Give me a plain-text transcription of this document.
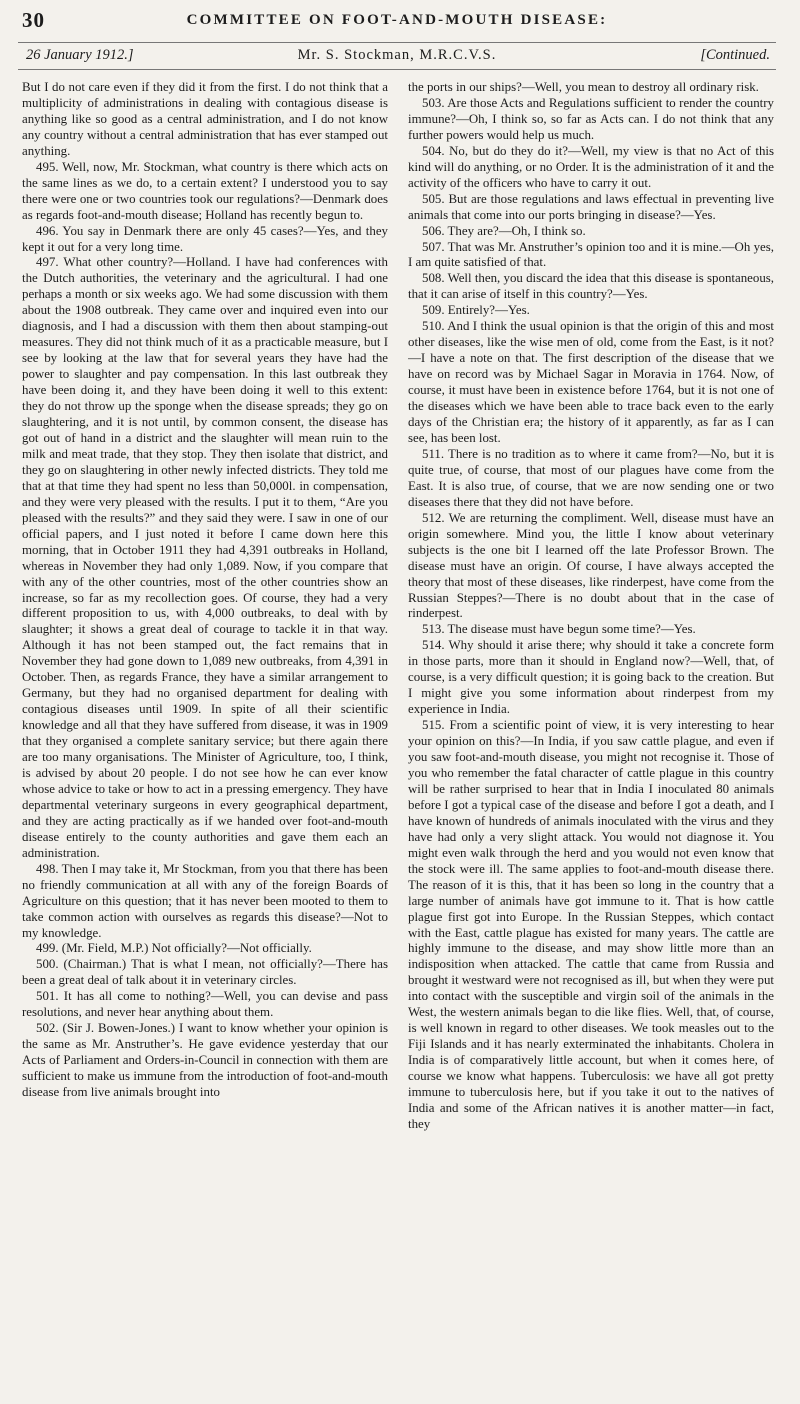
30	COMMITTEE ON FOOT-AND-MOUTH DISEASE:
26 January 1912.]	Mr. S. Stockman, M.R.C.V.S.	[Continued.

But I do not care even if they did it from the first. I do not think that a multiplicity of administrations in dealing with contagious disease is anything like so good as a central administration, and I do not know any country without a central administration that has ever stamped out anything.

495. Well, now, Mr. Stockman, what country is there which acts on the same lines as we do, to a certain extent? I understood you to say there were one or two countries took our regulations?—Denmark does as regards foot-and-mouth disease; Holland has recently begun to.

496. You say in Denmark there are only 45 cases?—Yes, and they kept it out for a very long time.

497. What other country?—Holland. I have had conferences with the Dutch authorities, the veterinary and the agricultural. I had one perhaps a month or six weeks ago. We had some discussion with them about the 1908 outbreak. They came over and inquired even into our diagnosis, and I had a discussion with them then about stamping-out measures. They did not think much of it as a practicable measure, but I see by looking at the law that for several years they have had the power to slaughter and pay compensation. In this last outbreak they have been doing it, and they have been doing it well to this extent: they do not throw up the sponge when the disease spreads; they go on slaughtering, and it is not until, by common consent, the disease has got out of hand in a district and the slaughter will mean ruin to the milk and meat trade, that they stop. They then isolate that district, and they go on slaughtering in other newly infected districts. They told me that at that time they had spent no less than 50,000l. in compensation, and they were very pleased with the results. I put it to them, “Are you pleased with the results?” and they said they were. I saw in one of our official papers, and I just noted it before I came down here this morning, that in October 1911 they had 4,391 outbreaks in Holland, whereas in November they had only 1,089. Now, if you compare that with any of the other countries, most of the other countries show an increase, so far as my recollection goes. Of course, they had a very different proposition to us, with 4,000 outbreaks, to deal with by slaughter; it shows a great deal of courage to tackle it in that way. Although it has not been stamped out, the fact remains that in November they had gone down to 1,089 new outbreaks, from 4,391 in October. Then, as regards France, they have a similar arrangement to Germany, but they had no organised department for dealing with contagious diseases until 1909. In spite of all their scientific knowledge and all that they have suffered from disease, it was in 1909 that they organised a complete sanitary service; but there again there are too many organisations. The Minister of Agriculture, too, I think, is advised by about 20 people. I do not see how he can ever know whose advice to take or how to act in a pressing emergency. They have departmental veterinary surgeons in every geographical department, and they are acting practically as if we handed over foot-and-mouth disease entirely to the county authorities and gave them each an administration.

498. Then I may take it, Mr Stockman, from you that there has been no friendly communication at all with any of the foreign Boards of Agriculture on this question; that it has never been mooted to them to take common action with ourselves as regards this disease?—Not to my knowledge.

499. (Mr. Field, M.P.) Not officially?—Not officially.

500. (Chairman.) That is what I mean, not officially?—There has been a great deal of talk about it in veterinary circles.

501. It has all come to nothing?—Well, you can devise and pass resolutions, and never hear anything about them.

502. (Sir J. Bowen-Jones.) I want to know whether your opinion is the same as Mr. Anstruther’s. He gave evidence yesterday that our Acts of Parliament and Orders-in-Council in connection with them are sufficient to make us immune from the introduction of foot-and-mouth disease from live animals brought into

the ports in our ships?—Well, you mean to destroy all ordinary risk.

503. Are those Acts and Regulations sufficient to render the country immune?—Oh, I think so, so far as Acts can. I do not think that any further powers would help us much.

504. No, but do they do it?—Well, my view is that no Act of this kind will do anything, or no Order. It is the administration of it and the activity of the officers who have to carry it out.

505. But are those regulations and laws effectual in preventing live animals that come into our ports bringing in disease?—Yes.

506. They are?—Oh, I think so.

507. That was Mr. Anstruther’s opinion too and it is mine.—Oh yes, I am quite satisfied of that.

508. Well then, you discard the idea that this disease is spontaneous, that it can arise of itself in this country?—Yes.

509. Entirely?—Yes.

510. And I think the usual opinion is that the origin of this and most other diseases, like the wise men of old, come from the East, is it not?—I have a note on that. The first description of the disease that we have on record was by Michael Sagar in Moravia in 1764. Now, of course, it must have been in existence before 1764, but it is not one of the diseases which we have been able to trace back even to the early days of the Christian era; the history of it apparently, as far as I can see, has been lost.

511. There is no tradition as to where it came from?—No, but it is quite true, of course, that most of our plagues have come from the East. It is also true, of course, that we are now sending one or two diseases there that they did not have before.

512. We are returning the compliment. Well, disease must have an origin somewhere. Mind you, the little I know about veterinary subjects is the one bit I learned off the late Professor Brown. The disease must have an origin. Of course, I have always accepted the theory that most of these diseases, like rinderpest, have come from the Russian Steppes?—There is no doubt about that in the case of rinderpest.

513. The disease must have begun some time?—Yes.

514. Why should it arise there; why should it take a concrete form in those parts, more than it should in England now?—Well, that, of course, is a very difficult question; it is going back to the creation. But I might give you some information about rinderpest from my experience in India.

515. From a scientific point of view, it is very interesting to hear your opinion on this?—In India, if you saw cattle plague, and even if you saw foot-and-mouth disease, you might not recognise it. Those of you who remember the fatal character of cattle plague in this country will be rather surprised to hear that in India I inoculated 80 animals before I got a typical case of the disease and before I got a death, and I have known of hundreds of animals inoculated with the virus and they have had only a very slight attack. You would not diagnose it. You might even walk through the herd and you would not even know that the stock were ill. The same applies to foot-and-mouth disease there. The reason of it is this, that it has been so long in the country that a large number of animals have got immune to it. That is how cattle plague first got into Europe. In the Russian Steppes, which contact with the East, cattle plague has existed for many years. The cattle are highly immune to the disease, and may show little more than an indisposition when attacked. The cattle that came from Russia and brought it westward were not recognised as ill, but when they were put into contact with the susceptible and virgin soil of the animals in the West, the western animals began to die like flies. Well, that, of course, is well known in regard to other diseases. We took measles out to the Fiji Islands and it has nearly exterminated the inhabitants. Cholera in India is of comparatively little account, but when it comes here, of course we know what happens. Tuberculosis: we have all got pretty immune to tuberculosis here, but if you take it out to the natives of India and some of the African natives it is another matter—in fact, they
